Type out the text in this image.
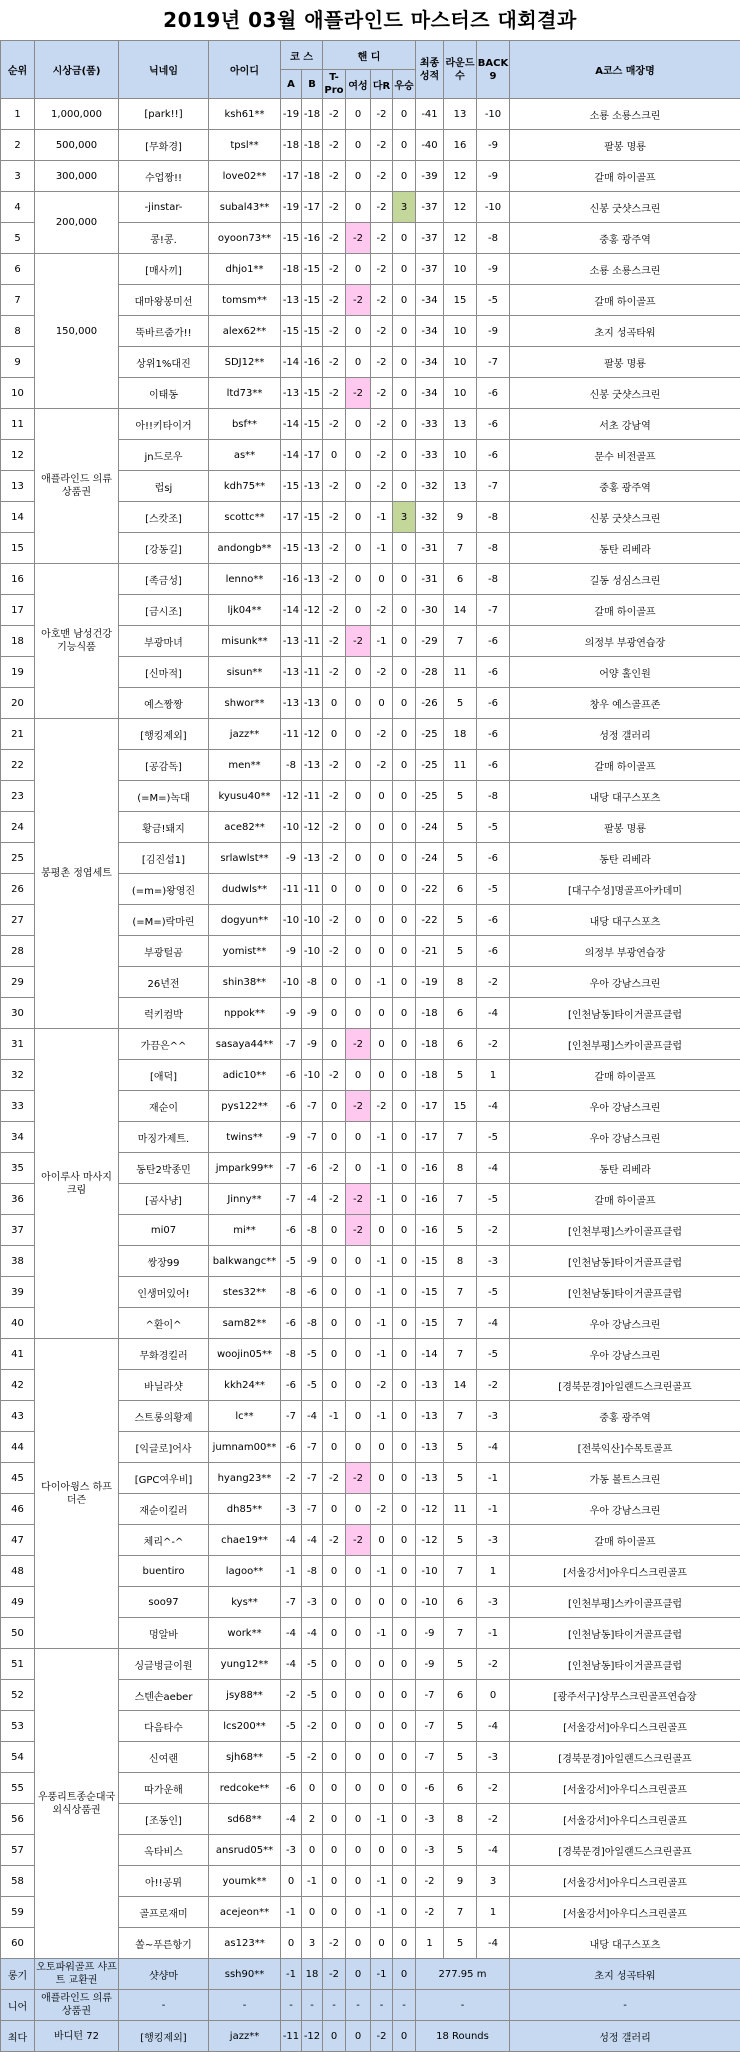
2019년 03월 애플라인드 마스터즈 대회결과
순위	시상금(품)	닉네임	아이디	코 스		핸 디				최종성적	라운드수	BACK 9	A코스 매장명
				A	B	T-Pro	여성	다R	우승				
1	1,000,000	[park!!]	ksh61**	-19	-18	-2	0	-2	0	-41	13	-10	소룡 소룡스크린
2	500,000	[무화경]	tpsl**	-18	-18	-2	0	-2	0	-40	16	-9	팔봉 명룡
3	300,000	수업짱!!	love02**	-17	-18	-2	0	-2	0	-39	12	-9	갈매 하이골프
4	200,000	-jinstar-	subal43**	-19	-17	-2	0	-2	3	-37	12	-10	신봉 굿샷스크린
5		콩!콩.	oyoon73**	-15	-16	-2	-2	-2	0	-37	12	-8	중홍 광주역
6	150,000	[매사끼]	dhjo1**	-18	-15	-2	0	-2	0	-37	10	-9	소룡 소룡스크린
7		대마왕봉미선	tomsm**	-13	-15	-2	-2	-2	0	-34	15	-5	갈매 하이골프
8		뚝바르줌가!!	alex62**	-15	-15	-2	0	-2	0	-34	10	-9	초지 성곡타워
9		상위1%대진	SDJ12**	-14	-16	-2	0	-2	0	-34	10	-7	팔봉 명룡
10		이태동	ltd73**	-13	-15	-2	-2	-2	0	-34	10	-6	신봉 굿샷스크린
11	애플라인드 의류 상품권	아!!키타이거	bsf**	-14	-15	-2	0	-2	0	-33	13	-6	서초 강남역
12		jn드로우	as**	-14	-17	0	0	-2	0	-33	10	-6	문수 비전골프
13		럽sj	kdh75**	-15	-13	-2	0	-2	0	-32	13	-7	중홍 광주역
14		[스캇조]	scottc**	-17	-15	-2	0	-1	3	-32	9	-8	신봉 굿샷스크린
15		[강동길]	andongb**	-15	-13	-2	0	-1	0	-31	7	-8	동탄 리베라
16	아호맨 남성건강 기능식품	[족금성]	lenno**	-16	-13	-2	0	0	0	-31	6	-8	길동 성심스크린
17		[금시조]	ljk04**	-14	-12	-2	0	-2	0	-30	14	-7	갈매 하이골프
18		부광마녀	misunk**	-13	-11	-2	-2	-1	0	-29	7	-6	의정부 부광연습장
19		[신마적]	sisun**	-13	-11	-2	0	-2	0	-28	11	-6	어양 홀인원
20		예스짱짱	shwor**	-13	-13	0	0	0	0	-26	5	-6	창우 예스골프존
21	봉평촌 정엽세트	[행킹제외]	jazz**	-11	-12	0	0	-2	0	-25	18	-6	성정 갤러리
22		[공감독]	men**	-8	-13	-2	0	-2	0	-25	11	-6	갈매 하이골프
23		(=M=)녹대	kyusu40**	-12	-11	-2	0	0	0	-25	5	-8	내당 대구스포츠
24		황금!돼지	ace82**	-10	-12	-2	0	0	0	-24	5	-5	팔봉 명룡
25		[김진섭1]	srlawlst**	-9	-13	-2	0	0	0	-24	5	-6	동탄 리베라
26		(=m=)왕영진	dudwls**	-11	-11	0	0	0	0	-22	6	-5	[대구수성]명골프아카데미
27		(=M=)락마린	dogyun**	-10	-10	-2	0	0	0	-22	5	-6	내당 대구스포츠
28		부광털곰	yomist**	-9	-10	-2	0	0	0	-21	5	-6	의정부 부광연습장
29		26년전	shin38**	-10	-8	0	0	-1	0	-19	8	-2	우아 강남스크린
30		럭키컴박	nppok**	-9	-9	0	0	0	0	-18	6	-4	[인천남동]타이거골프클럽
31	아이루사 마사지 크림	가끔은^^	sasaya44**	-7	-9	0	-2	0	0	-18	6	-2	[인천부평]스카이골프클럽
32		[애덕]	adic10**	-6	-10	-2	0	0	0	-18	5	1	갈매 하이골프
33		재순이	pys122**	-6	-7	0	-2	-2	0	-17	15	-4	우아 강남스크린
34		마징가제트.	twins**	-9	-7	0	0	-1	0	-17	7	-5	우아 강남스크린
35		동탄2박종민	jmpark99**	-7	-6	-2	0	-1	0	-16	8	-4	동탄 리베라
36		[곰사냥]	Jinny**	-7	-4	-2	-2	-1	0	-16	7	-5	갈매 하이골프
37		mi07	mi**	-6	-8	0	-2	0	0	-16	5	-2	[인천부평]스카이골프클럽
38		쌍장99	balkwangc**	-5	-9	0	0	-1	0	-15	8	-3	[인천남동]타이거골프클럽
39		인생머있어!	stes32**	-8	-6	0	0	-1	0	-15	7	-5	[인천남동]타이거골프클럽
40		^환이^	sam82**	-6	-8	0	0	-1	0	-15	7	-4	우아 강남스크린
41	다이아윙스 하프 더즌	무화경킬러	woojin05**	-8	-5	0	0	-1	0	-14	7	-5	우아 강남스크린
42		바닐라샷	kkh24**	-6	-5	0	0	-2	0	-13	14	-2	[경북문경]아일랜드스크린골프
43		스트롱의황제	lc**	-7	-4	-1	0	-1	0	-13	7	-3	중홍 광주역
44		[익글로]어사	jumnam00**	-6	-7	0	0	0	0	-13	5	-4	[전북익산]수목토골프
45		[GPC여우비]	hyang23**	-2	-7	-2	-2	0	0	-13	5	-1	가동 볼트스크린
46		재순이킬러	dh85**	-3	-7	0	0	-2	0	-12	11	-1	우아 강남스크린
47		체리^-^	chae19**	-4	-4	-2	-2	0	0	-12	5	-3	갈매 하이골프
48		buentiro	lagoo**	-1	-8	0	0	-1	0	-10	7	1	[서울강서]아우디스크린골프
49		soo97	kys**	-7	-3	0	0	0	0	-10	6	-3	[인천부평]스카이골프클럽
50		멍알바	work**	-4	-4	0	0	-1	0	-9	7	-1	[인천남동]타이거골프클럽
51	우풍리트종순대국 외식상품권	싱글벙글이원	yung12**	-4	-5	0	0	0	0	-9	5	-2	[인천남동]타이거골프클럽
52		스텐손aeber	jsy88**	-2	-5	0	0	0	0	-7	6	0	[광주서구]상무스크린골프연습장
53		다음타수	lcs200**	-5	-2	0	0	0	0	-7	5	-4	[서울강서]아우디스크린골프
54		신여랜	sjh68**	-5	-2	0	0	0	0	-7	5	-3	[경북문경]아일랜드스크린골프
55		따가운해	redcoke**	-6	0	0	0	0	0	-6	6	-2	[서울강서]아우디스크린골프
56		[조동인]	sd68**	-4	2	0	0	-1	0	-3	8	-2	[서울강서]아우디스크린골프
57		옥타비스	ansrud05**	-3	0	0	0	0	0	-3	5	-4	[경북문경]아일랜드스크린골프
58		아!!공뮈	youmk**	0	-1	0	0	-1	0	-2	9	3	[서울강서]아우디스크린골프
59		골프로재미	acejeon**	-1	0	0	0	-1	0	-2	7	1	[서울강서]아우디스크린골프
60		쏠~푸른항기	as123**	0	3	-2	0	0	0	1	5	-4	내당 대구스포츠
롱기	오토파워골프 샤프트 교환권	샷샹마	ssh90**	-1	18	-2	0	-1	0	277.95 m			초지 성곡타워
니어	애플라인드 의류 상품권	-	-	-	-	-	-	-	-	-			-
최다	바디턴 72	[행킹제외]	jazz**	-11	-12	0	0	-2	0	18 Rounds			성정 갤러리
